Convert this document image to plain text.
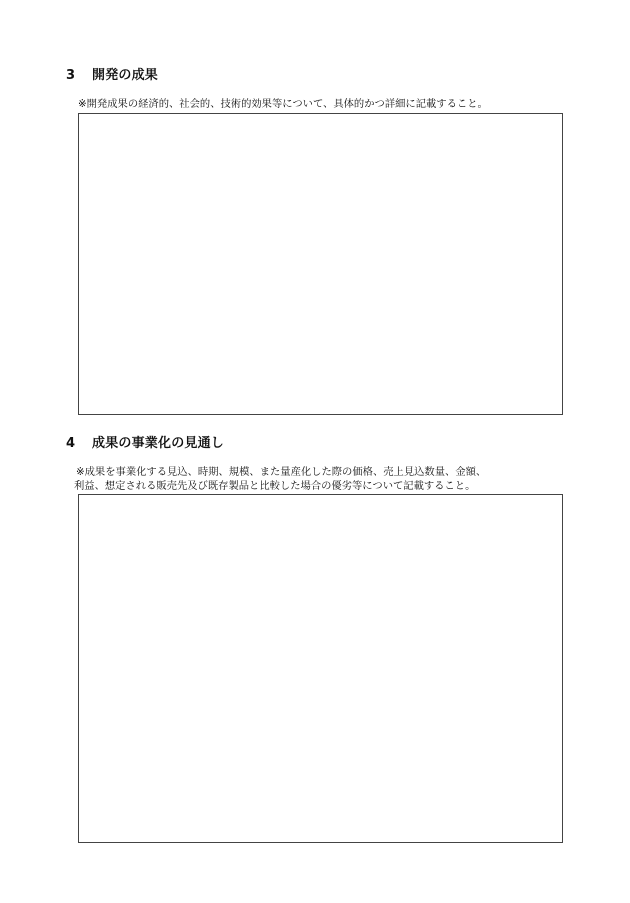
3 開発の成果
※開発成果の経済的、社会的、技術的効果等について、具体的かつ詳細に記載すること。
4 成果の事業化の見通し
※成果を事業化する見込、時期、規模、また量産化した際の価格、売上見込数量、金額、
利益、想定される販売先及び既存製品と比較した場合の優劣等について記載すること。
